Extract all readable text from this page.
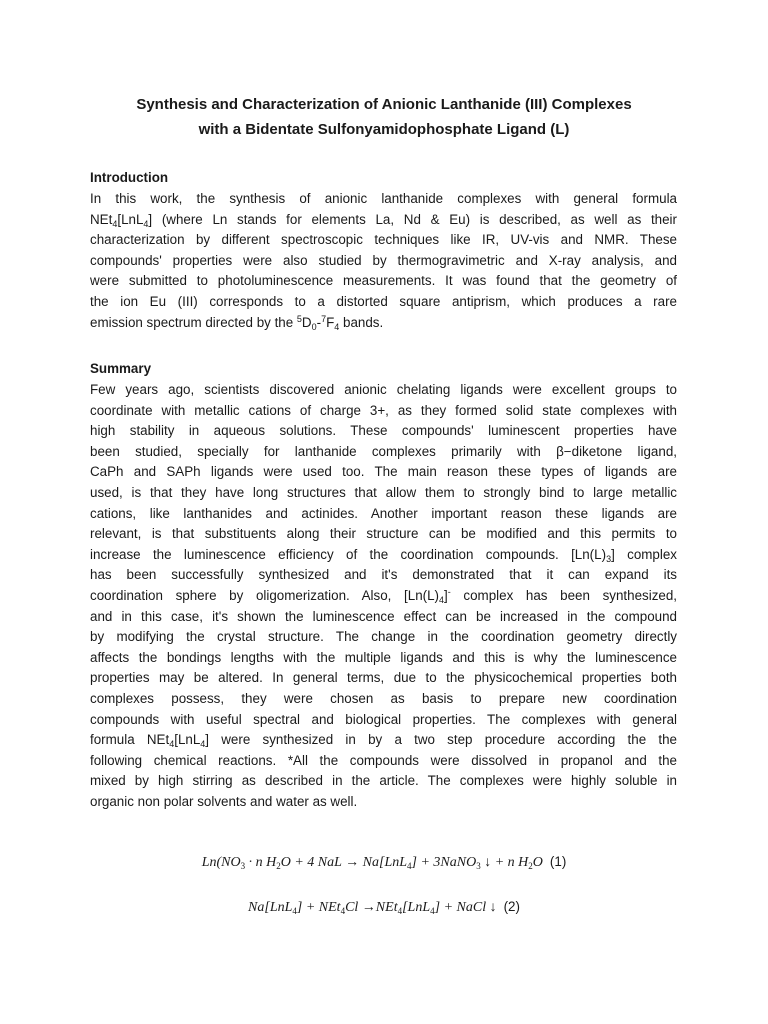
Synthesis and Characterization of Anionic Lanthanide (III) Complexes
with a Bidentate Sulfonyamidophosphate Ligand (L)
Introduction
In this work, the synthesis of anionic lanthanide complexes with general formula
NEt$_4$[LnL$_4$] (where Ln stands for elements La, Nd & Eu) is described, as well as their
characterization by different spectroscopic techniques like IR, UV-vis and NMR. These
compounds' properties were also studied by thermogravimetric and X-ray analysis, and
were submitted to photoluminescence measurements. It was found that the geometry of
the ion Eu (III) corresponds to a distorted square antiprism, which produces a rare
emission spectrum directed by the $^5D_0-^7F_4$ bands.
Summary
Few years ago, scientists discovered anionic chelating ligands were excellent groups to
coordinate with metallic cations of charge 3+, as they formed solid state complexes with
high stability in aqueous solutions. These compounds' luminescent properties have
been studied, specially for lanthanide complexes primarily with β−diketone ligand,
CaPh and SAPh ligands were used too. The main reason these types of ligands are
used, is that they have long structures that allow them to strongly bind to large metallic
cations, like lanthanides and actinides. Another important reason these ligands are
relevant, is that substituents along their structure can be modified and this permits to
increase the luminescence efficiency of the coordination compounds. $[Ln(L)_3]$ complex
has been successfully synthesized and it's demonstrated that it can expand its
coordination sphere by oligomerization. Also, $[Ln(L)_4]^-$ complex has been synthesized,
and in this case, it's shown the luminescence effect can be increased in the compound
by modifying the crystal structure. The change in the coordination geometry directly
affects the bondings lengths with the multiple ligands and this is why the luminescence
properties may be altered. In general terms, due to the physicochemical properties both
complexes possess, they were chosen as basis to prepare new coordination
compounds with useful spectral and biological properties. The complexes with general
formula NEt$_4$[LnL$_4$] were synthesized in by a two step procedure according the the
following chemical reactions. *All the compounds were dissolved in propanol and the
mixed by high stirring as described in the article. The complexes were highly soluble in
organic non polar solvents and water as well.
$Ln(NO_3 \cdot n$ $H_2O + 4$ NaL → Na[LnL$_4$] + 3NaNO$_3$ ↓ + n $H_2O$ (1)
Na[LnL$_4$] + NEt$_4$Cl →NEt$_4$[LnL$_4$] + NaCl ↓ (2)
